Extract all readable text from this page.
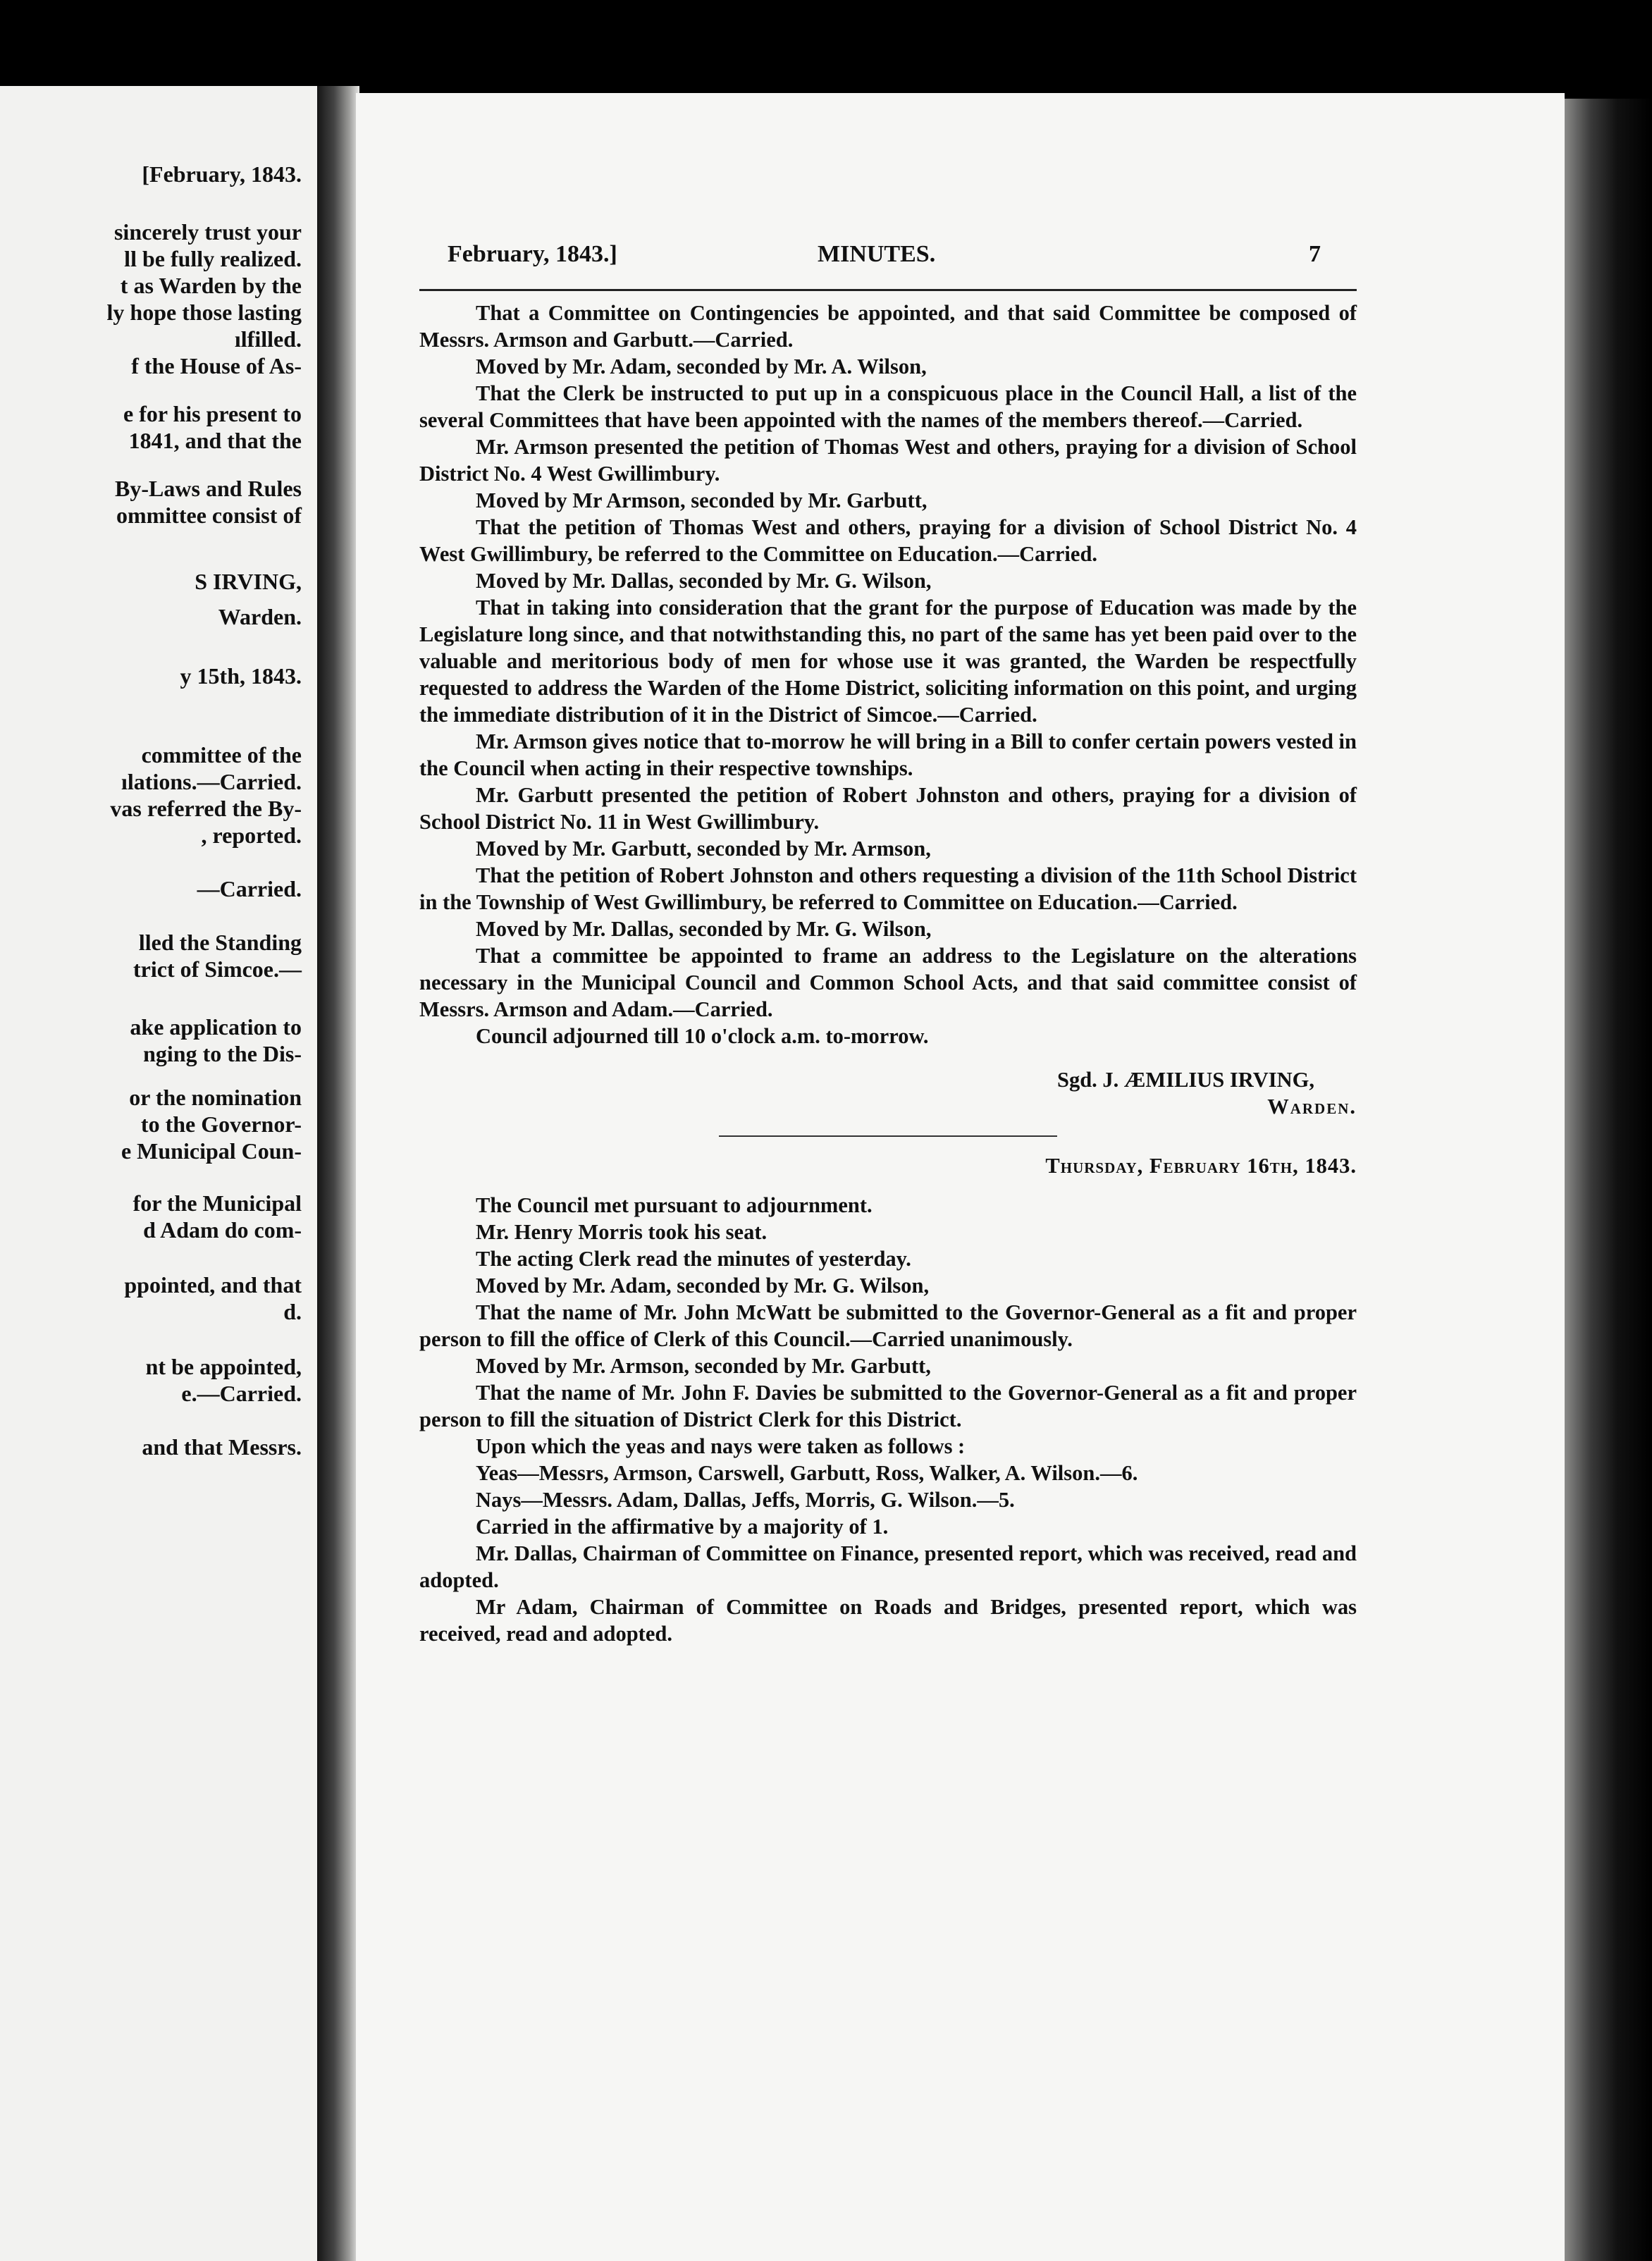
[February, 1843.
sincerely trust your
ll be fully realized.
t as Warden by the
ly hope those lasting
ılfilled.
f the House of As-
e for his present to
1841, and that the
By-Laws and Rules
ommittee consist of
S IRVING,
Warden.
y 15th, 1843.
committee of the
ılations.—Carried.
vas referred the By-
, reported.
—Carried.
lled the Standing
trict of Simcoe.—
ake application to
nging to the Dis-
or the nomination
to the Governor-
e Municipal Coun-
for the Municipal
d Adam do com-
ppointed, and that
d.
nt be appointed,
e.—Carried.
and that Messrs.
February, 1843.]	MINUTES.	7

That a Committee on Contingencies be appointed, and that said Committee be composed of Messrs. Armson and Garbutt.—Carried.

Moved by Mr. Adam, seconded by Mr. A. Wilson,

That the Clerk be instructed to put up in a conspicuous place in the Council Hall, a list of the several Committees that have been appointed with the names of the members thereof.—Carried.

Mr. Armson presented the petition of Thomas West and others, praying for a division of School District No. 4 West Gwillimbury.

Moved by Mr Armson, seconded by Mr. Garbutt,

That the petition of Thomas West and others, praying for a division of School District No. 4 West Gwillimbury, be referred to the Committee on Education.—Carried.

Moved by Mr. Dallas, seconded by Mr. G. Wilson,

That in taking into consideration that the grant for the purpose of Education was made by the Legislature long since, and that notwithstanding this, no part of the same has yet been paid over to the valuable and meritorious body of men for whose use it was granted, the Warden be respectfully requested to address the Warden of the Home District, soliciting information on this point, and urging the immediate distribution of it in the District of Simcoe.—Carried.

Mr. Armson gives notice that to-morrow he will bring in a Bill to confer certain powers vested in the Council when acting in their respective townships.

Mr. Garbutt presented the petition of Robert Johnston and others, praying for a division of School District No. 11 in West Gwillimbury.

Moved by Mr. Garbutt, seconded by Mr. Armson,

That the petition of Robert Johnston and others requesting a division of the 11th School District in the Township of West Gwillimbury, be referred to Committee on Education.—Carried.

Moved by Mr. Dallas, seconded by Mr. G. Wilson,

That a committee be appointed to frame an address to the Legislature on the alterations necessary in the Municipal Council and Common School Acts, and that said committee consist of Messrs. Armson and Adam.—Carried.

Council adjourned till 10 o'clock a.m. to-morrow.

Sgd. J. ÆMILIUS IRVING,
Warden.
Thursday, February 16th, 1843.

The Council met pursuant to adjournment.

Mr. Henry Morris took his seat.

The acting Clerk read the minutes of yesterday.

Moved by Mr. Adam, seconded by Mr. G. Wilson,

That the name of Mr. John McWatt be submitted to the Governor-General as a fit and proper person to fill the office of Clerk of this Council.—Carried unanimously.

Moved by Mr. Armson, seconded by Mr. Garbutt,

That the name of Mr. John F. Davies be submitted to the Governor-General as a fit and proper person to fill the situation of District Clerk for this District.

Upon which the yeas and nays were taken as follows :

Yeas—Messrs, Armson, Carswell, Garbutt, Ross, Walker, A. Wilson.—6.

Nays—Messrs. Adam, Dallas, Jeffs, Morris, G. Wilson.—5.

Carried in the affirmative by a majority of 1.

Mr. Dallas, Chairman of Committee on Finance, presented report, which was received, read and adopted.

Mr Adam, Chairman of Committee on Roads and Bridges, presented report, which was received, read and adopted.
